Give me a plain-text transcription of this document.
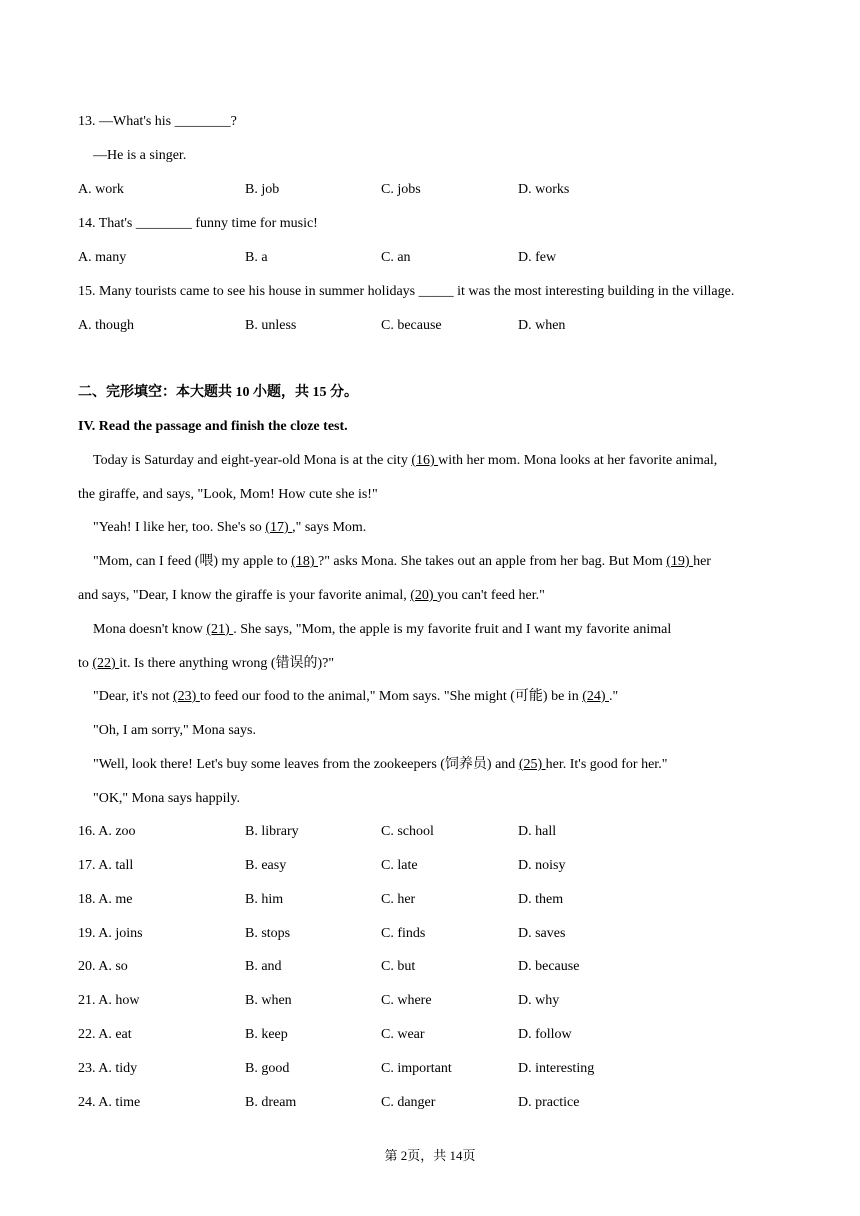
13. —What's his ________?
—He is a singer.
A. work	B. job	C. jobs	D. works
14. That's ________ funny time for music!
A. many	B. a	C. an	D. few
15. Many tourists came to see his house in summer holidays _____ it was the most interesting building in the village.
A. though	B. unless	C. because	D. when
二、完形填空：本大题共 10 小题，共 15 分。
IV. Read the passage and finish the cloze test.
Today is Saturday and eight-year-old Mona is at the city (16) with her mom. Mona looks at her favorite animal,
the giraffe, and says, "Look, Mom! How cute she is!"
"Yeah! I like her, too. She's so (17) ," says Mom.
"Mom, can I feed (喂) my apple to (18) ?" asks Mona. She takes out an apple from her bag. But Mom (19) her
and says, "Dear, I know the giraffe is your favorite animal, (20) you can't feed her."
Mona doesn't know (21) . She says, "Mom, the apple is my favorite fruit and I want my favorite animal
to (22) it. Is there anything wrong (错误的)?"
"Dear, it's not (23) to feed our food to the animal," Mom says. "She might (可能) be in (24) ."
"Oh, I am sorry," Mona says.
"Well, look there! Let's buy some leaves from the zookeepers (饲养员) and (25) her. It's good for her."
"OK," Mona says happily.
16. A. zoo	B. library	C. school	D. hall
17. A. tall	B. easy	C. late	D. noisy
18. A. me	B. him	C. her	D. them
19. A. joins	B. stops	C. finds	D. saves
20. A. so	B. and	C. but	D. because
21. A. how	B. when	C. where	D. why
22. A. eat	B. keep	C. wear	D. follow
23. A. tidy	B. good	C. important	D. interesting
24. A. time	B. dream	C. danger	D. practice
第 2页，共 14页
